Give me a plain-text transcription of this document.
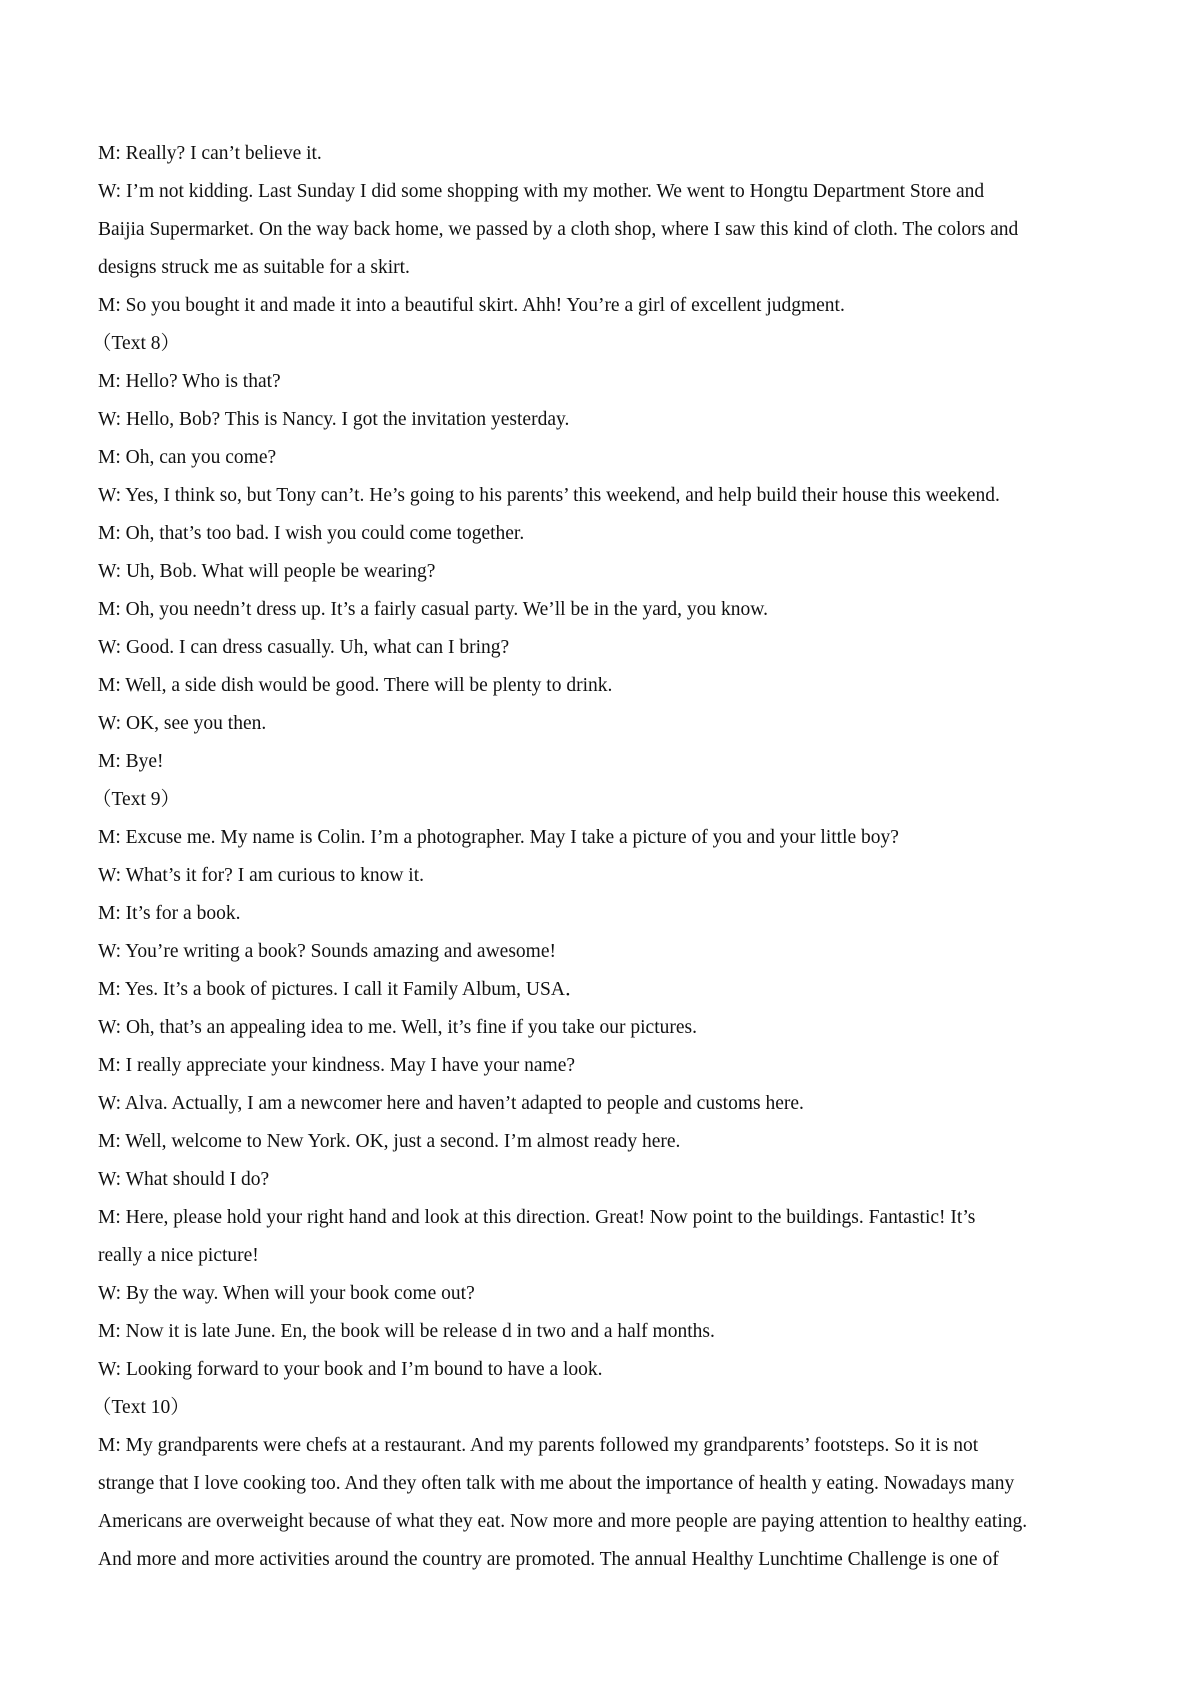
M: Really? I can’t believe it.

W: I’m not kidding. Last Sunday I did some shopping with my mother. We went to Hongtu Department Store and

Baijia Supermarket. On the way back home, we passed by a cloth shop, where I saw this kind of cloth. The colors and

designs struck me as suitable for a skirt.

M: So you bought it and made it into a beautiful skirt. Ahh! You’re a girl of excellent judgment.

（Text 8）

M: Hello? Who is that?

W: Hello, Bob? This is Nancy. I got the invitation yesterday.

M: Oh, can you come?

W: Yes, I think so, but Tony can’t. He’s going to his parents’ this weekend, and help build their house this weekend.

M: Oh, that’s too bad. I wish you could come together.

W: Uh, Bob. What will people be wearing?

M: Oh, you needn’t dress up. It’s a fairly casual party. We’ll be in the yard, you know.

W: Good. I can dress casually. Uh, what can I bring?

M: Well, a side dish would be good. There will be plenty to drink.

W: OK, see you then.

M: Bye!

（Text 9）

M: Excuse me. My name is Colin. I’m a photographer. May I take a picture of you and your little boy?

W: What’s it for? I am curious to know it.

M: It’s for a book.

W: You’re writing a book? Sounds amazing and awesome!

M: Yes. It’s a book of pictures. I call it Family Album, USA．

W: Oh, that’s an appealing idea to me. Well, it’s fine if you take our pictures.

M: I really appreciate your kindness. May I have your name?

W: Alva. Actually, I am a newcomer here and haven’t adapted to people and customs here.

M: Well, welcome to New York. OK, just a second. I’m almost ready here.

W: What should I do?

M: Here, please hold your right hand and look at this direction. Great! Now point to the buildings. Fantastic! It’s

really a nice picture!

W: By the way. When will your book come out?

M: Now it is late June. En, the book will be release d in two and a half months.

W: Looking forward to your book and I’m bound to have a look.

（Text 10）

M: My grandparents were chefs at a restaurant. And my parents followed my grandparents’ footsteps. So it is not

strange that I love cooking too. And they often talk with me about the importance of health y eating. Nowadays many

Americans are overweight because of what they eat. Now more and more people are paying attention to healthy eating.

And more and more activities around the country are promoted. The annual Healthy Lunchtime Challenge is one of
